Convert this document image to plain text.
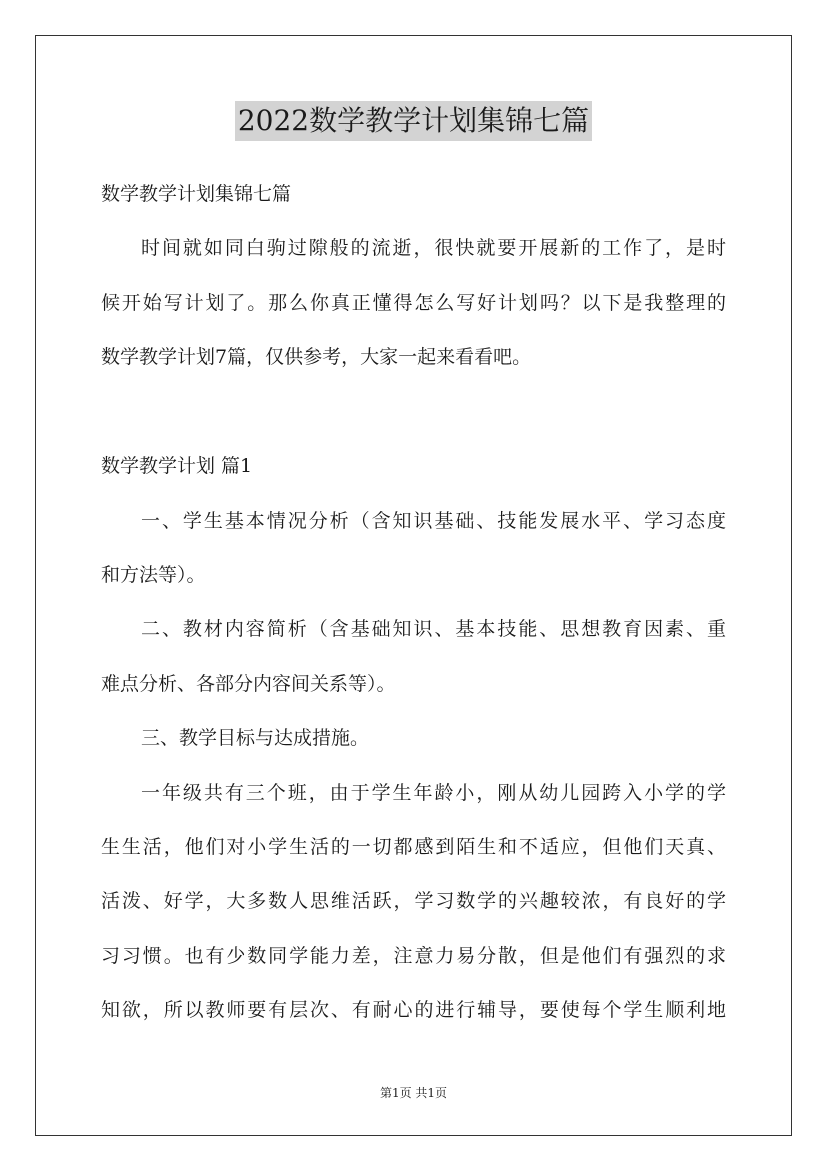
2022数学教学计划集锦七篇

数学教学计划集锦七篇

时间就如同白驹过隙般的流逝，很快就要开展新的工作了，是时

候开始写计划了。那么你真正懂得怎么写好计划吗？以下是我整理的

数学教学计划7篇，仅供参考，大家一起来看看吧。

数学教学计划 篇1

一、学生基本情况分析（含知识基础、技能发展水平、学习态度

和方法等）。

二、教材内容简析（含基础知识、基本技能、思想教育因素、重

难点分析、各部分内容间关系等）。

三、教学目标与达成措施。

一年级共有三个班，由于学生年龄小，刚从幼儿园跨入小学的学

生生活，他们对小学生活的一切都感到陌生和不适应，但他们天真、

活泼、好学，大多数人思维活跃，学习数学的兴趣较浓，有良好的学

习习惯。也有少数同学能力差，注意力易分散，但是他们有强烈的求

知欲，所以教师要有层次、有耐心的进行辅导，要使每个学生顺利地

第1页 共1页
